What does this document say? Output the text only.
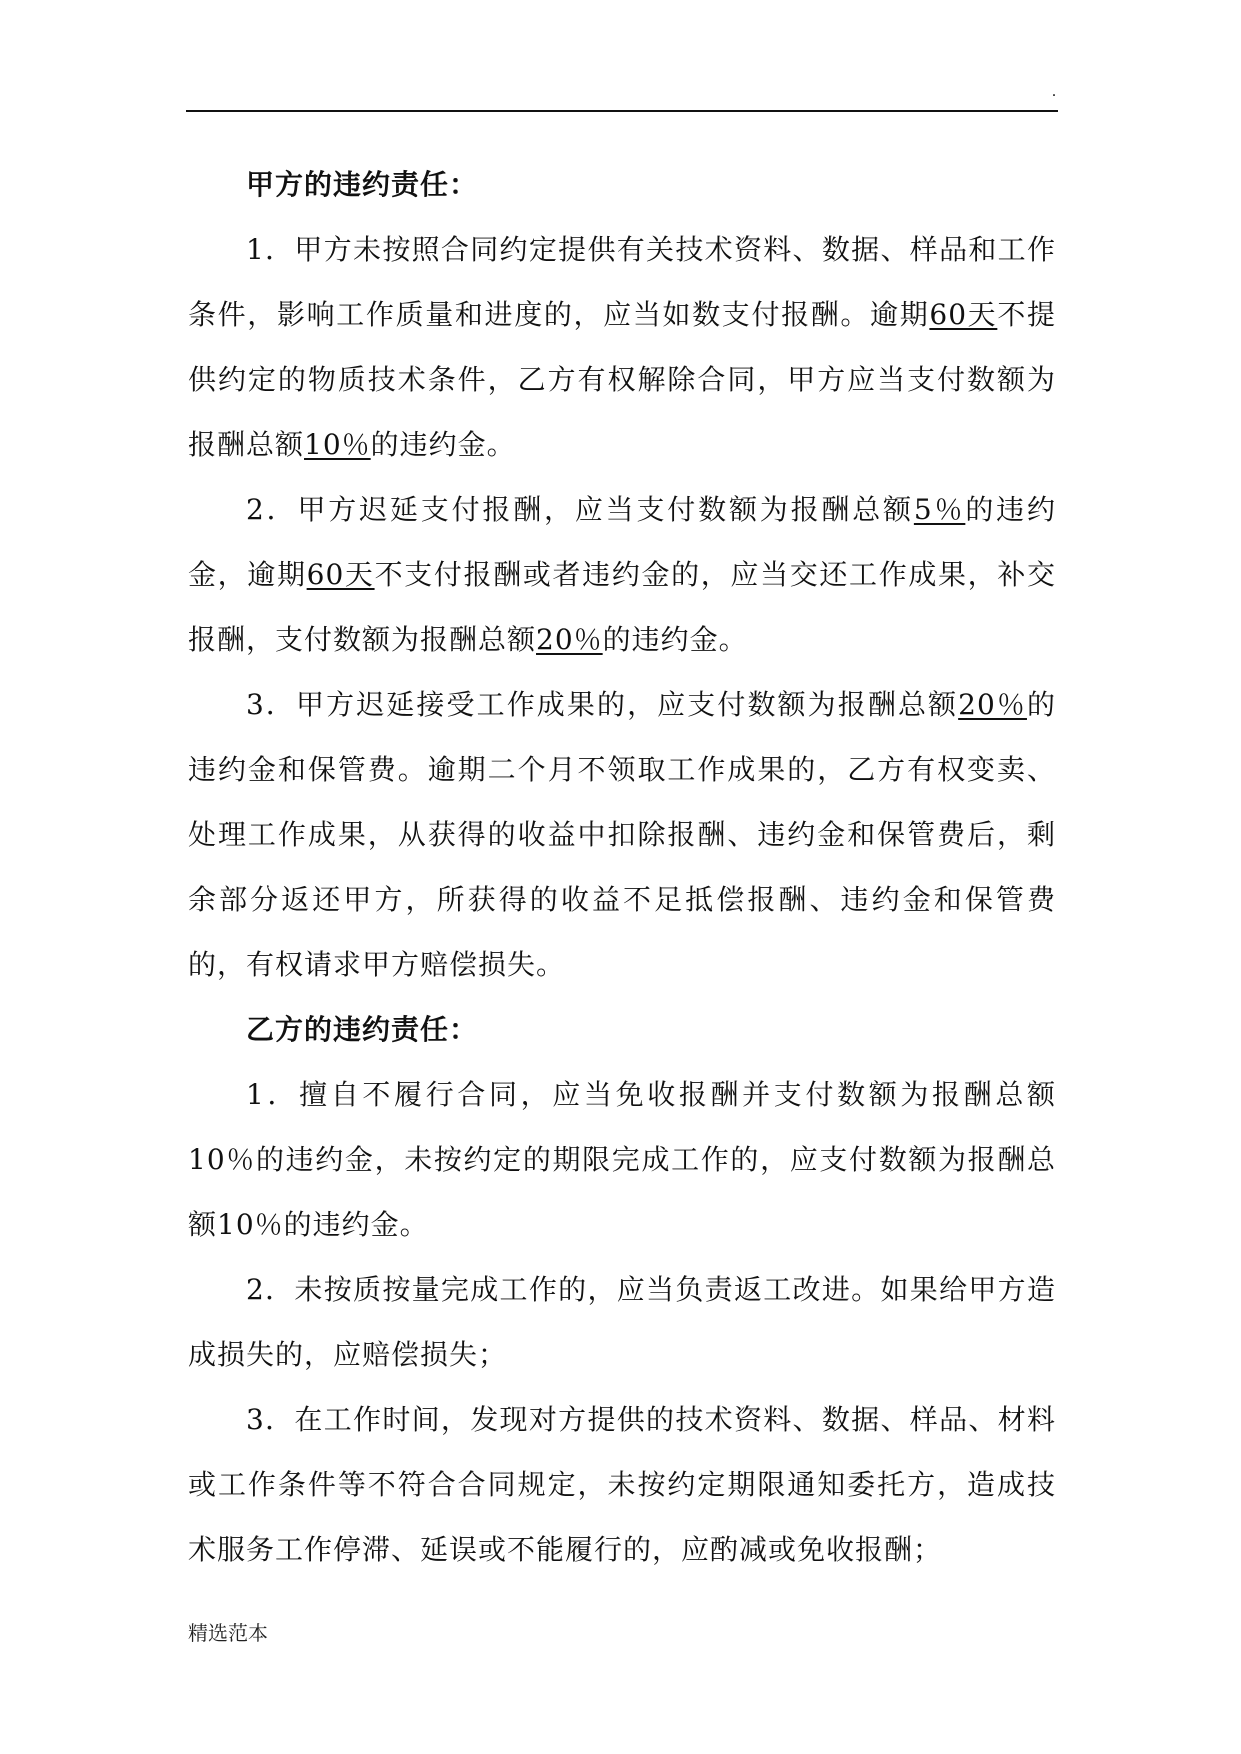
.

甲方的违约责任：

1．甲方未按照合同约定提供有关技术资料、数据、样品和工作条件，影响工作质量和进度的，应当如数支付报酬。逾期60天不提供约定的物质技术条件，乙方有权解除合同，甲方应当支付数额为报酬总额10％的违约金。

2．甲方迟延支付报酬，应当支付数额为报酬总额5％的违约金，逾期60天不支付报酬或者违约金的，应当交还工作成果，补交报酬，支付数额为报酬总额20％的违约金。

3．甲方迟延接受工作成果的，应支付数额为报酬总额20％的违约金和保管费。逾期二个月不领取工作成果的，乙方有权变卖、处理工作成果，从获得的收益中扣除报酬、违约金和保管费后，剩余部分返还甲方，所获得的收益不足抵偿报酬、违约金和保管费的，有权请求甲方赔偿损失。

乙方的违约责任：

1．擅自不履行合同，应当免收报酬并支付数额为报酬总额10％的违约金，未按约定的期限完成工作的，应支付数额为报酬总额10％的违约金。

2．未按质按量完成工作的，应当负责返工改进。如果给甲方造成损失的，应赔偿损失；

3．在工作时间，发现对方提供的技术资料、数据、样品、材料或工作条件等不符合合同规定，未按约定期限通知委托方，造成技术服务工作停滞、延误或不能履行的，应酌减或免收报酬；

精选范本
